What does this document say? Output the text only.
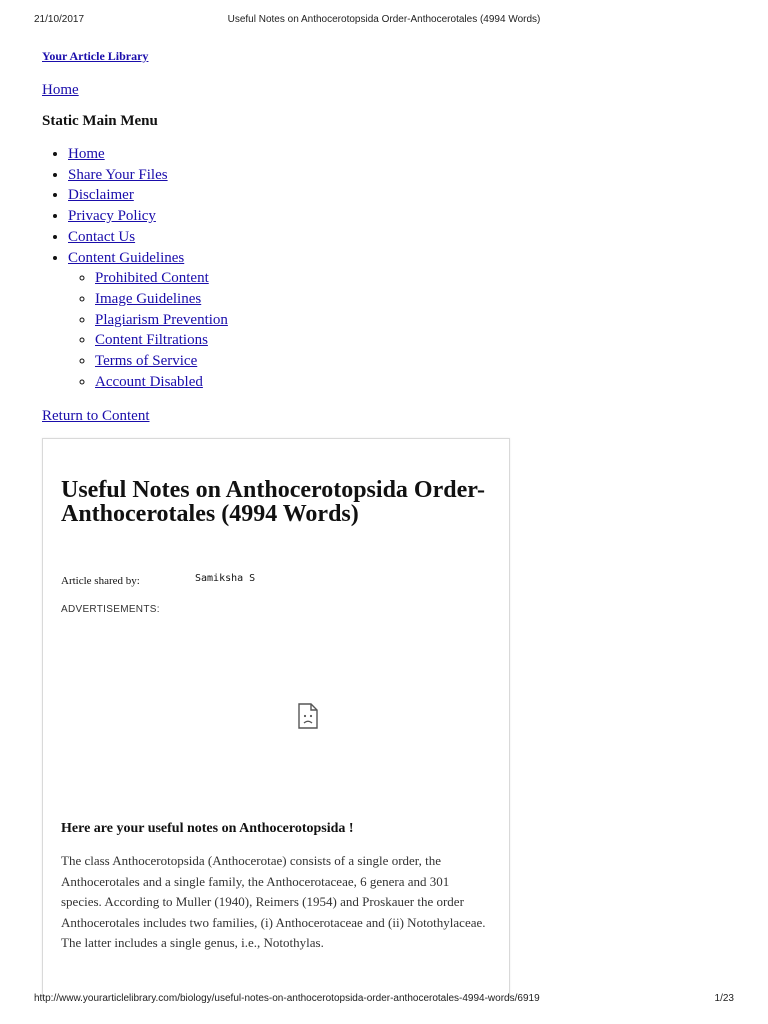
21/10/2017	Useful Notes on Anthocerotopsida Order-Anthocerotales (4994 Words)
Your Article Library
Home
Static Main Menu
• Home
• Share Your Files
• Disclaimer
• Privacy Policy
• Contact Us
• Content Guidelines
◦ Prohibited Content
◦ Image Guidelines
◦ Plagiarism Prevention
◦ Content Filtrations
◦ Terms of Service
◦ Account Disabled
Return to Content
Useful Notes on Anthocerotopsida Order-Anthocerotales (4994 Words)
Article shared by:	Samiksha S
ADVERTISEMENTS:
Here are your useful notes on Anthocerotopsida !

The class Anthocerotopsida (Anthocerotae) consists of a single order, the Anthocerotales and a single family, the Anthocerotaceae, 6 genera and 301 species. According to Muller (1940), Reimers (1954) and Proskauer the order Anthocerotales includes two families, (i) Anthocerotaceae and (ii) Notothylaceae. The latter includes a single genus, i.e., Notothylas.

http://www.yourarticlelibrary.com/biology/useful-notes-on-anthocerotopsida-order-anthocerotales-4994-words/6919	1/23
